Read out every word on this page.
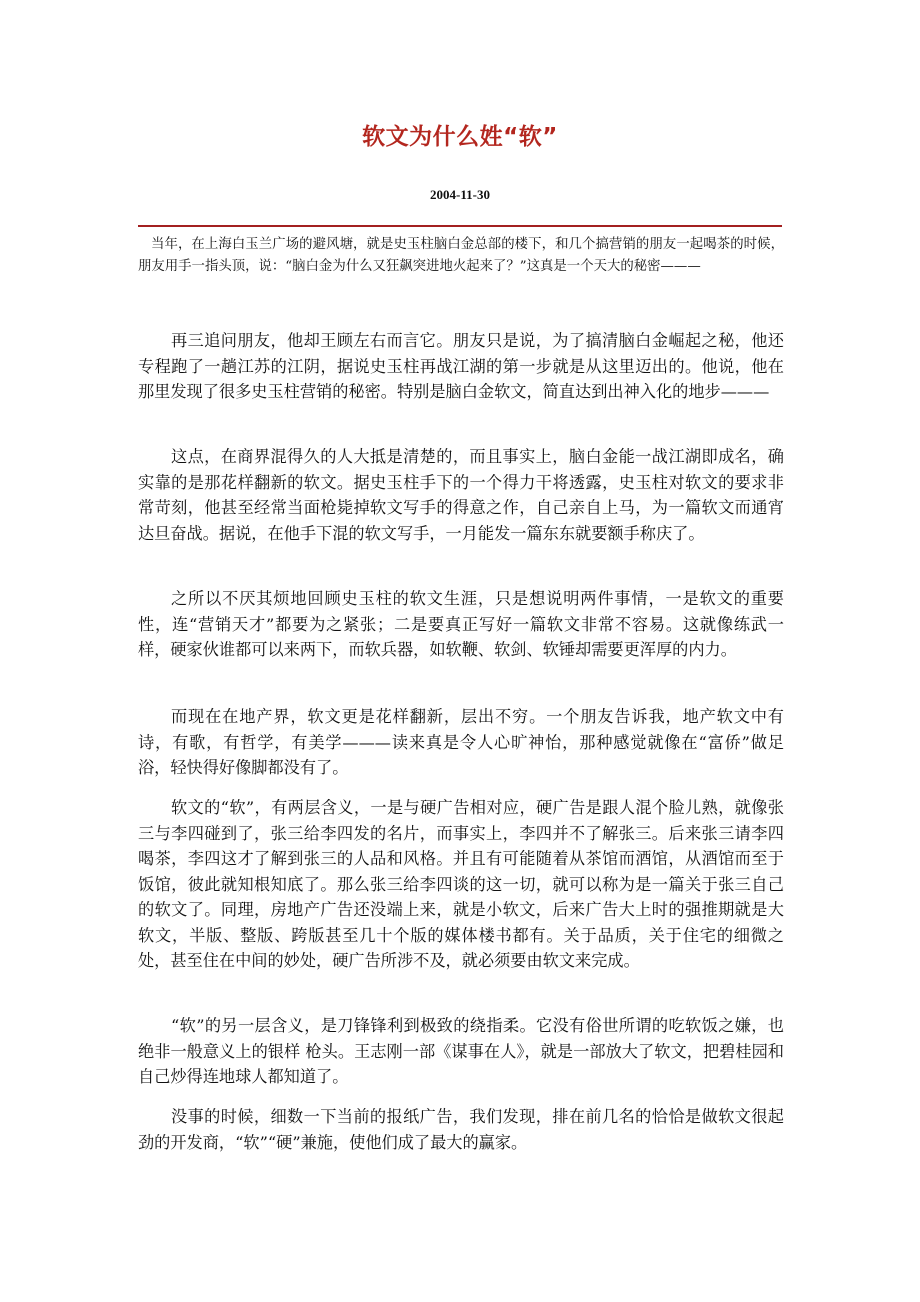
软文为什么姓“软”
2004-11-30

当年，在上海白玉兰广场的避风塘，就是史玉柱脑白金总部的楼下，和几个搞营销的朋友一起喝茶的时候，朋友用手一指头顶，说：“脑白金为什么又狂飙突进地火起来了？”这真是一个天大的秘密———

再三追问朋友，他却王顾左右而言它。朋友只是说，为了搞清脑白金崛起之秘，他还专程跑了一趟江苏的江阴，据说史玉柱再战江湖的第一步就是从这里迈出的。他说，他在那里发现了很多史玉柱营销的秘密。特别是脑白金软文，简直达到出神入化的地步———

这点，在商界混得久的人大抵是清楚的，而且事实上，脑白金能一战江湖即成名，确实靠的是那花样翻新的软文。据史玉柱手下的一个得力干将透露，史玉柱对软文的要求非常苛刻，他甚至经常当面枪毙掉软文写手的得意之作，自己亲自上马，为一篇软文而通宵达旦奋战。据说，在他手下混的软文写手，一月能发一篇东东就要额手称庆了。

之所以不厌其烦地回顾史玉柱的软文生涯，只是想说明两件事情，一是软文的重要性，连“营销天才”都要为之紧张；二是要真正写好一篇软文非常不容易。这就像练武一样，硬家伙谁都可以来两下，而软兵器，如软鞭、软剑、软锤却需要更浑厚的内力。

而现在在地产界，软文更是花样翻新，层出不穷。一个朋友告诉我，地产软文中有诗，有歌，有哲学，有美学———读来真是令人心旷神怡，那种感觉就像在“富侨”做足浴，轻快得好像脚都没有了。

软文的“软”，有两层含义，一是与硬广告相对应，硬广告是跟人混个脸儿熟，就像张三与李四碰到了，张三给李四发的名片，而事实上，李四并不了解张三。后来张三请李四喝茶，李四这才了解到张三的人品和风格。并且有可能随着从茶馆而酒馆，从酒馆而至于饭馆，彼此就知根知底了。那么张三给李四谈的这一切，就可以称为是一篇关于张三自己的软文了。同理，房地产广告还没端上来，就是小软文，后来广告大上时的强推期就是大软文，半版、整版、跨版甚至几十个版的媒体楼书都有。关于品质，关于住宅的细微之处，甚至住在中间的妙处，硬广告所涉不及，就必须要由软文来完成。

“软”的另一层含义，是刀锋锋利到极致的绕指柔。它没有俗世所谓的吃软饭之嫌，也绝非一般意义上的银样 枪头。王志刚一部《谋事在人》，就是一部放大了软文，把碧桂园和自己炒得连地球人都知道了。

没事的时候，细数一下当前的报纸广告，我们发现，排在前几名的恰恰是做软文很起劲的开发商，“软”“硬”兼施，使他们成了最大的赢家。
